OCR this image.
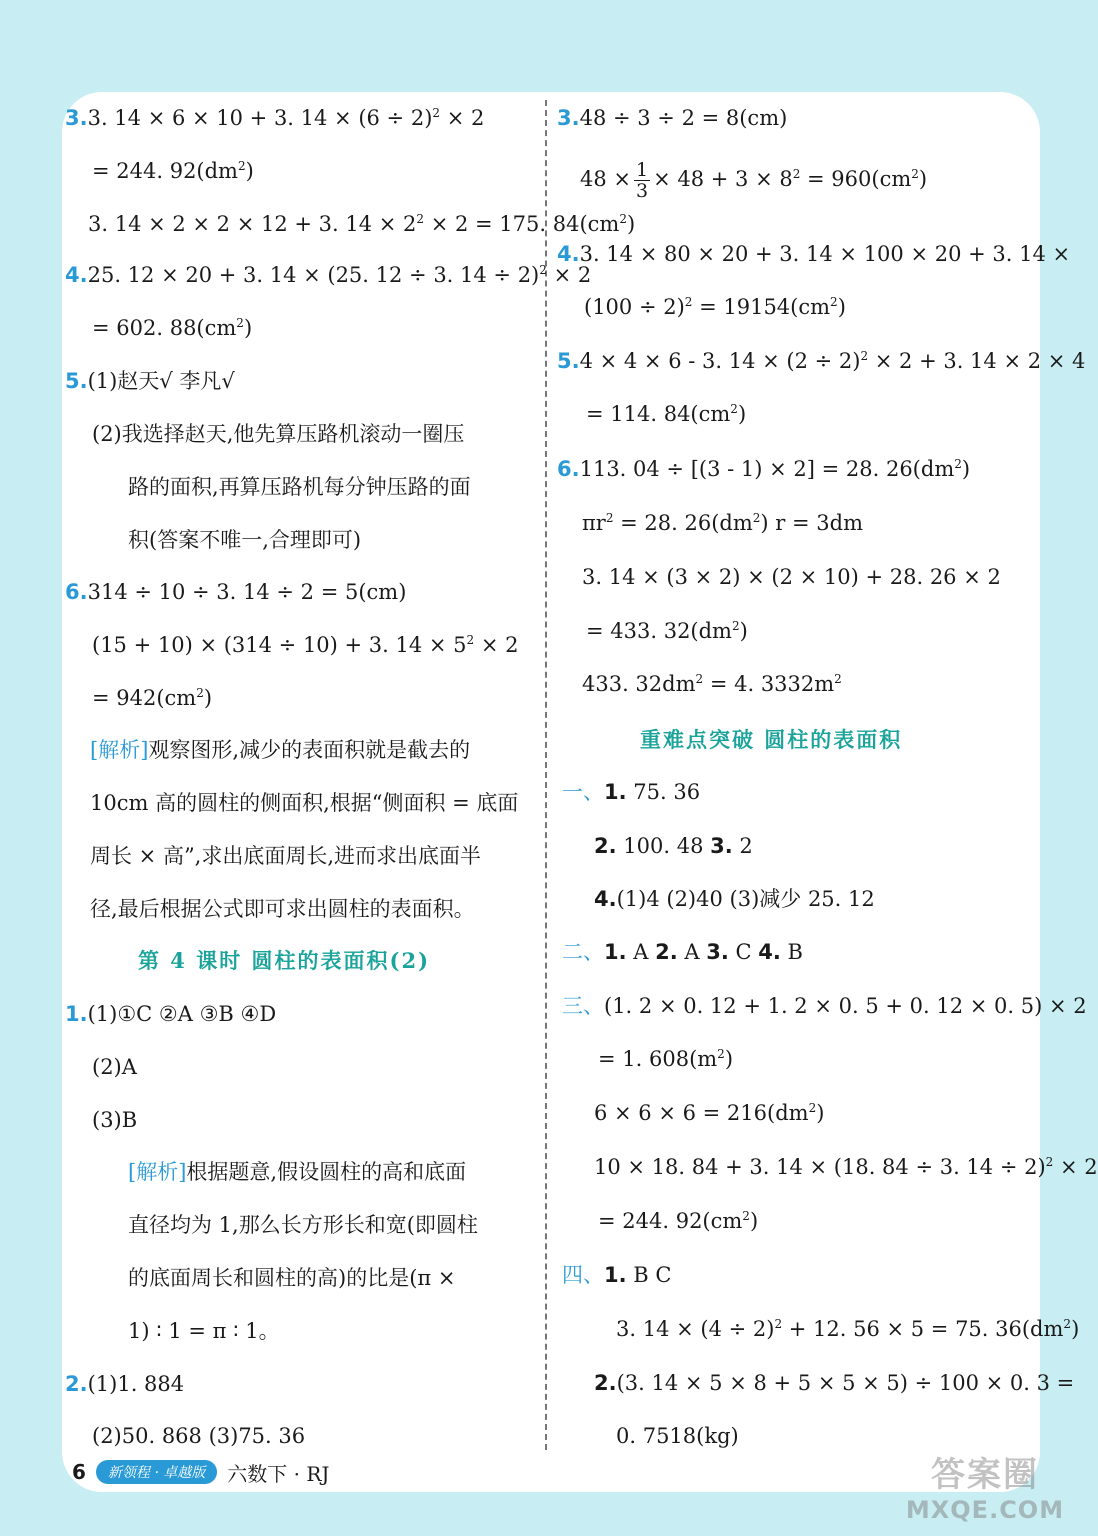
3.3. 14 × 6 × 10 + 3. $14 \times (6 \div 2)^2 \times 2$
= 244. $92(dm^2)$
3. 14 × 2 × 2 × 12 + 3. $14 \times 2^2 \times 2 = 175$. $84(cm^2)$
4.25. 12 × 20 + 3. 14 × (25. 12 ÷ 3. 14 ÷ 2)$^2$ × 2
= 602. $88(cm^2)$
5.(1)赵天√ 李凡√
(2)我选择赵天,他先算压路机滚动一圈压
路的面积,再算压路机每分钟压路的面
积(答案不唯一,合理即可)
6.314 ÷ 10 ÷ 3. 14 ÷ 2 = 5(cm)
(15 + 10) × (314 ÷ 10) + 3. $14 \times 5^2 \times 2$
= $942(cm^2)$
[解析]观察图形,减少的表面积就是截去的
10cm 高的圆柱的侧面积,根据“侧面积 = 底面
周长 × 高”,求出底面周长,进而求出底面半
径,最后根据公式即可求出圆柱的表面积。
第 4 课时 圆柱的表面积(2)
1.(1)①C ②A ③B ④D
(2)A
(3)B
[解析]根据题意,假设圆柱的高和底面
直径均为 1,那么长方形长和宽(即圆柱
的底面周长和圆柱的高)的比是(π ×
1) ∶ 1 = π ∶ 1。
2.(1)1. 884
(2)50. 868 (3)75. 36
3.48 ÷ 3 ÷ 2 = 8(cm)
$48 \times \frac{1}{3} \times 48 + 3 \times 8^2 = 960(cm^2)$
4.3. 14 × 80 × 20 + 3. 14 × 100 × 20 + 3. 14 ×
$(100 \div 2)^2 = 19154(cm^2)$
5.4 × 4 × 6 - 3. $14 \times (2 \div 2)^2 \times 2 + 3$. 14 × 2 × 4
= 114. $84(cm^2)$
6.113. 04 ÷ [(3 - 1) × 2] = 28. $26(dm^2)$
$\pi r^2 = 28$. $26(dm^2) r = 3dm$
3. 14 × (3 × 2) × (2 × 10) + 28. 26 × 2
= 433. $32(dm^2)$
433. $32dm^2 = 4$. $3332m^2$
重难点突破 圆柱的表面积
一、1. 75. 36
2. 100. 48 3. 2
4.(1)4 (2)40 (3)减少 25. 12
二、1. A 2. A 3. C 4. B
三、(1. 2 × 0. 12 + 1. 2 × 0. 5 + 0. 12 × 0. 5) × 2
= 1. $608(m^2)$
$6 \times 6 \times 6 = 216(dm^2)$
10 × 18. 84 + 3. 14 × (18. 84 ÷ 3. 14 ÷ 2)$^2$ × 2
= 244. $92(cm^2)$
四、1. B C
3. $14 \times (4 \div 2)^2 + 12$. 56 × 5 = 75. $36(dm^2)$
2.(3. 14 × 5 × 8 + 5 × 5 × 5) ÷ 100 × 0. 3 =
0. 7518(kg)
6	新领程 · 卓越版	六数下 · RJ	答案圈
MXQE.COM
